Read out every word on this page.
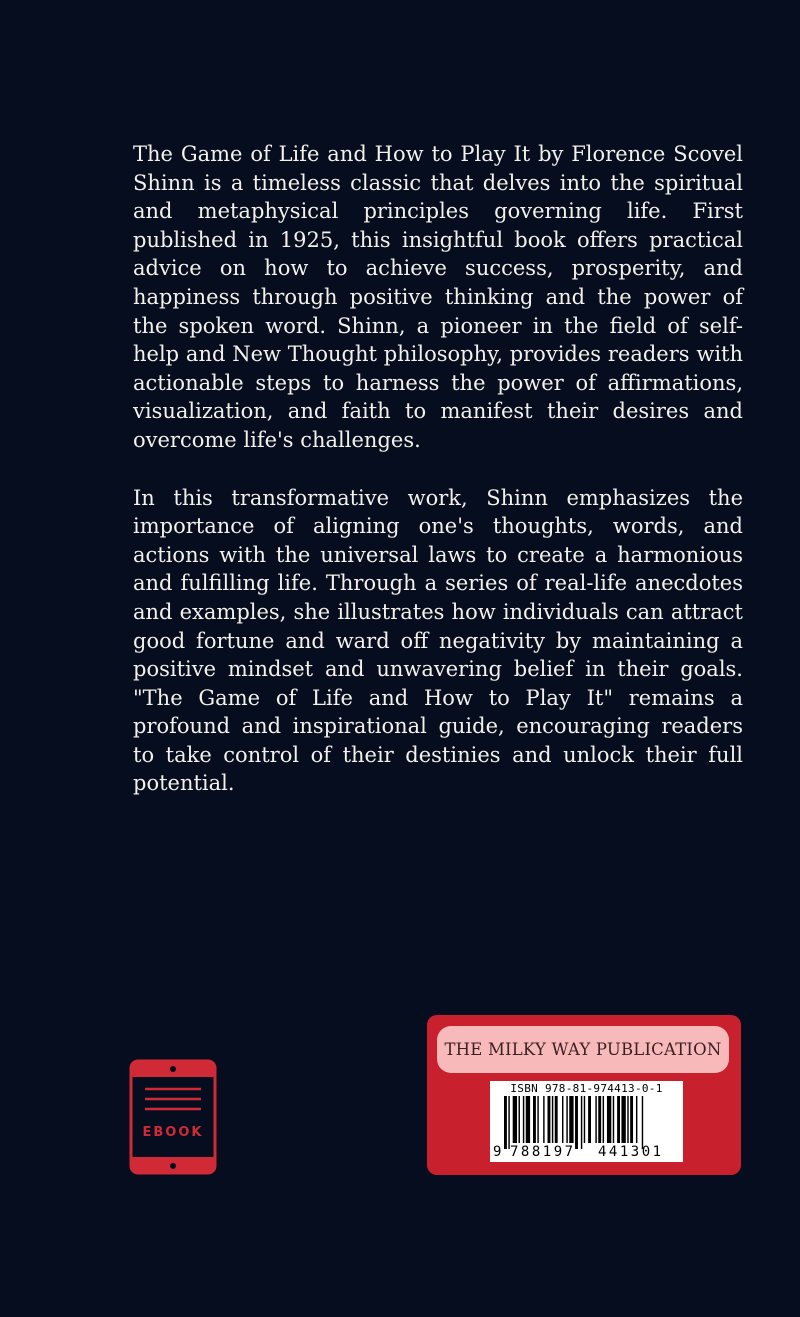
The Game of Life and How to Play It by Florence Scovel Shinn is a timeless classic that delves into the spiritual and metaphysical principles governing life. First published in 1925, this insightful book offers practical advice on how to achieve success, prosperity, and happiness through positive thinking and the power of the spoken word. Shinn, a pioneer in the field of self-help and New Thought philosophy, provides readers with actionable steps to harness the power of affirmations, visualization, and faith to manifest their desires and overcome life's challenges.

In this transformative work, Shinn emphasizes the importance of aligning one's thoughts, words, and actions with the universal laws to create a harmonious and fulfilling life. Through a series of real-life anecdotes and examples, she illustrates how individuals can attract good fortune and ward off negativity by maintaining a positive mindset and unwavering belief in their goals. "The Game of Life and How to Play It" remains a profound and inspirational guide, encouraging readers to take control of their destinies and unlock their full potential.

EBOOK
THE MILKY WAY PUBLICATION
ISBN 978-81-974413-0-1
9 788197 441301
